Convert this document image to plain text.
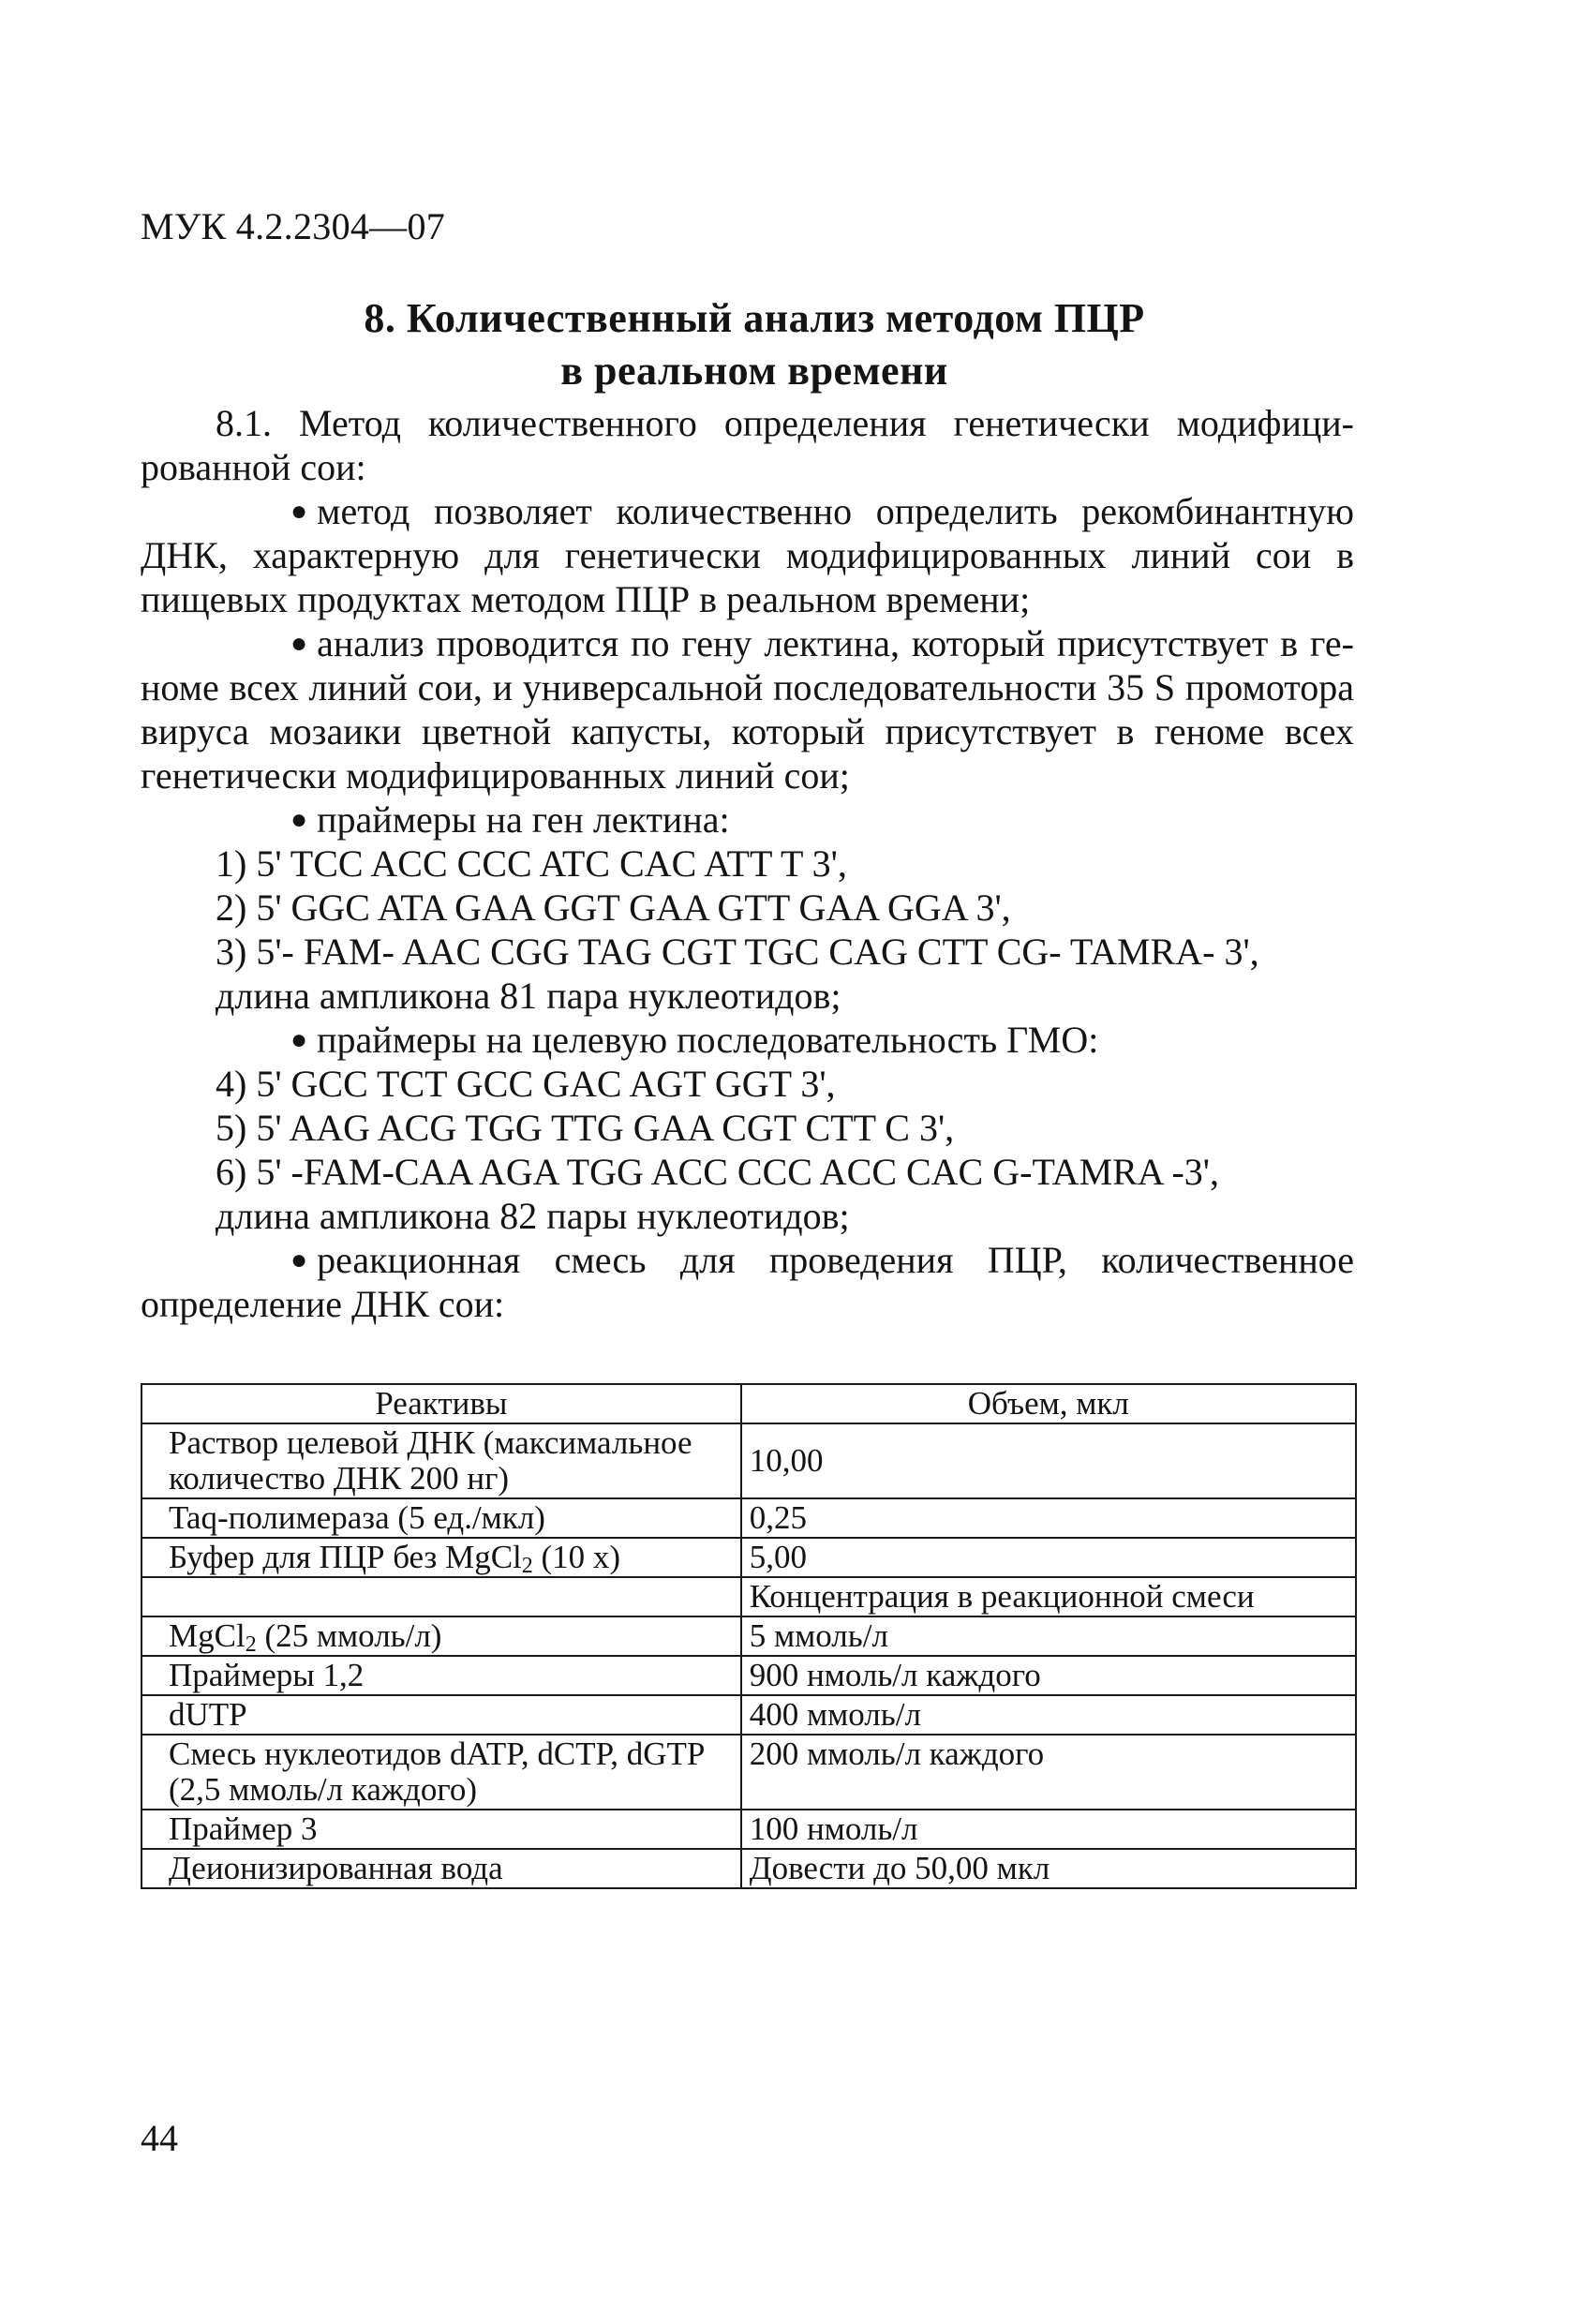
МУК 4.2.2304—07
8. Количественный анализ методом ПЦР
в реальном времени

8.1. Метод количественного определения генетически модифицированной сои:

● метод позволяет количественно определить рекомбинантную ДНК, характерную для генетически модифицированных линий сои в пищевых продуктах методом ПЦР в реальном времени;

● анализ проводится по гену лектина, который присутствует в геноме всех линий сои, и универсальной последовательности 35 S промотора вируса мозаики цветной капусты, который присутствует в геноме всех генетически модифицированных линий сои;

● праймеры на ген лектина:

1) 5' TCC ACC CCC ATC CAC ATT T 3',

2) 5' GGC ATA GAA GGT GAA GTT GAA GGA 3',

3) 5'- FAM- AAC CGG TAG CGT TGC CAG CTT CG- TAMRA- 3',

длина ампликона 81 пара нуклеотидов;

● праймеры на целевую последовательность ГМО:

4) 5' GCC TCT GCC GAC AGT GGT 3',

5) 5' AAG ACG TGG TTG GAA CGT CTT C 3',

6) 5' -FAM-CAA AGA TGG ACC CCC ACC CAC G-TAMRA -3',

длина ампликона 82 пары нуклеотидов;

● реакционная смесь для проведения ПЦР, количественное определение ДНК сои:

Реактивы	Объем, мкл
Раствор целевой ДНК (максимальное количество ДНК 200 нг)	10,00
Taq-полимераза (5 ед./мкл)	0,25
Буфер для ПЦР без MgCl$_2$ (10 х)	5,00
	Концентрация в реакционной смеси
MgCl$_2$ (25 ммоль/л)	5 ммоль/л
Праймеры 1,2	900 нмоль/л каждого
dUTP	400 ммоль/л
Смесь нуклеотидов dATP, dCTP, dGTP (2,5 ммоль/л каждого)	200 ммоль/л каждого
Праймер 3	100 нмоль/л
Деионизированная вода	Довести до 50,00 мкл
44
